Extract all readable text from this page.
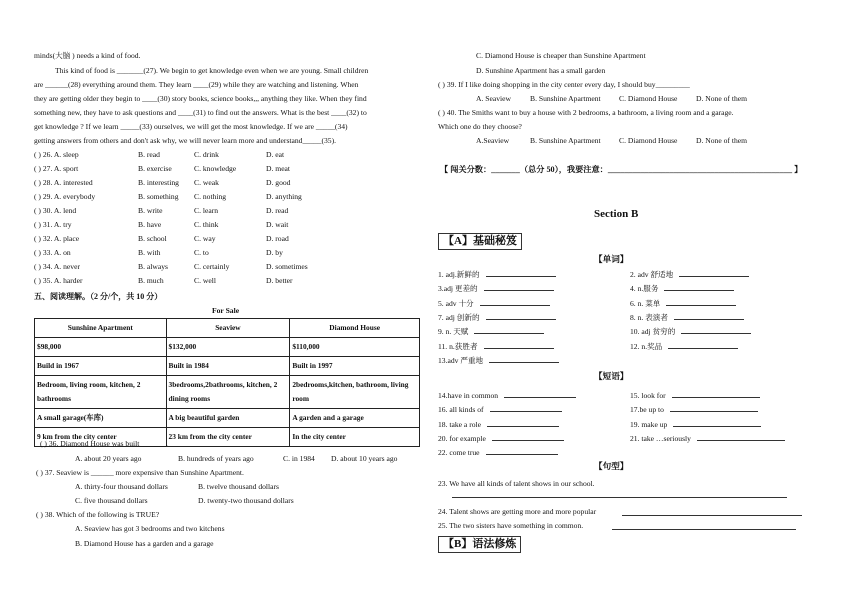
minds(大脑 ) needs a kind of food.
This kind of food is _______(27). We begin to get knowledge even when we are young. Small children
are ______(28) everything around them. They learn ____(29) while they are watching and listening. When
they are getting older they begin to ____(30) story books, science books,,, anything they like. When they find
something new, they have to ask questions and ____(31) to find out the answers. What is the best ____(32) to
get knowledge ? If we learn _____(33) ourselves, we will get the most knowledge. If we are _____(34)
getting answers from others and don't ask why, we will never learn more and understand_____(35).
( ) 26. A. sleep	B. read	C. drink	D. eat
( ) 27. A. sport	B. exercise	C. knowledge	D. meat
( ) 28. A. interested	B. interesting C. weak	D. good
( ) 29. A. everybody	B. something C. nothing	D. anything
( ) 30. A. lend	B. write	C. learn	D. read
( ) 31. A. try	B. have	C. think	D. wait
( ) 32. A. place	B. school	C. way	D. road
( ) 33. A. on	B. with	C. to	D. by
( ) 34. A. never	B. always	C. certainly	D. sometimes
( ) 35. A. harder	B. much	C. well	D. better
五、阅读理解。（2 分/个，共 10 分）
For Sale
Sunshine Apartment	Seaview	Diamond House
$98,000	$132,000	$110,000
Build in 1967	Built in 1984	Built in 1997
Bedroom, living room, kitchen, 2 bathrooms	3bedrooms,2bathrooms, kitchen, 2 dining rooms	2bedrooms,kitchen, bathroom, living room
A small garage(车库)	A big beautiful garden	A garden and a garage
9 km from the city center	23 km from the city center	In the city center
( ) 36. Diamond House was built_______.
A. about 20 years ago	B. hundreds of years ago	C. in 1984 D. about 10 years ago
( ) 37. Seaview is ______ more expensive than Sunshine Apartment.
A. thirty-four thousand dollars	B. twelve thousand dollars
C. five thousand dollars	D. twenty-two thousand dollars
( ) 38. Which of the following is TRUE?
A. Seaview has got 3 bedrooms and two kitchens
B. Diamond House has a garden and a garage
C. Diamond House is cheaper than Sunshine Apartment
D. Sunshine Apartment has a small garden
( ) 39. If I like doing shopping in the city center every day, I should buy_________
A. Seaview B. Sunshine Apartment C. Diamond House D. None of them
( ) 40. The Smiths want to buy a house with 2 bedrooms, a bathroom, a living room and a garage.
Which one do they choose?
A.Seaview	B. Sunshine Apartment C. Diamond House D. None of them
【 闯关分数：_______（总分 50），我要注意：_____________________________________________ 】
Section B
【A】基础秘笈
【单词】
1. adj.新鲜的	2. adv 舒适地
3.adj 更差的	4. n.服务
5. adv 十分	6. n. 菜单
7. adj 创新的	8. n. 表演者
9. n. 天赋	10. adj 贫穷的
11. n.获胜者	12. n.奖品
13.adv 严重地
【短语】
14.have in common	15. look for
16. all kinds of	17.be up to
18. take a role	19. make up
20. for example	21. take …seriously
22. come true
【句型】
23. We have all kinds of talent shows in our school.
24. Talent shows are getting more and more popular
25. The two sisters have something in common.
【B】语法修炼
